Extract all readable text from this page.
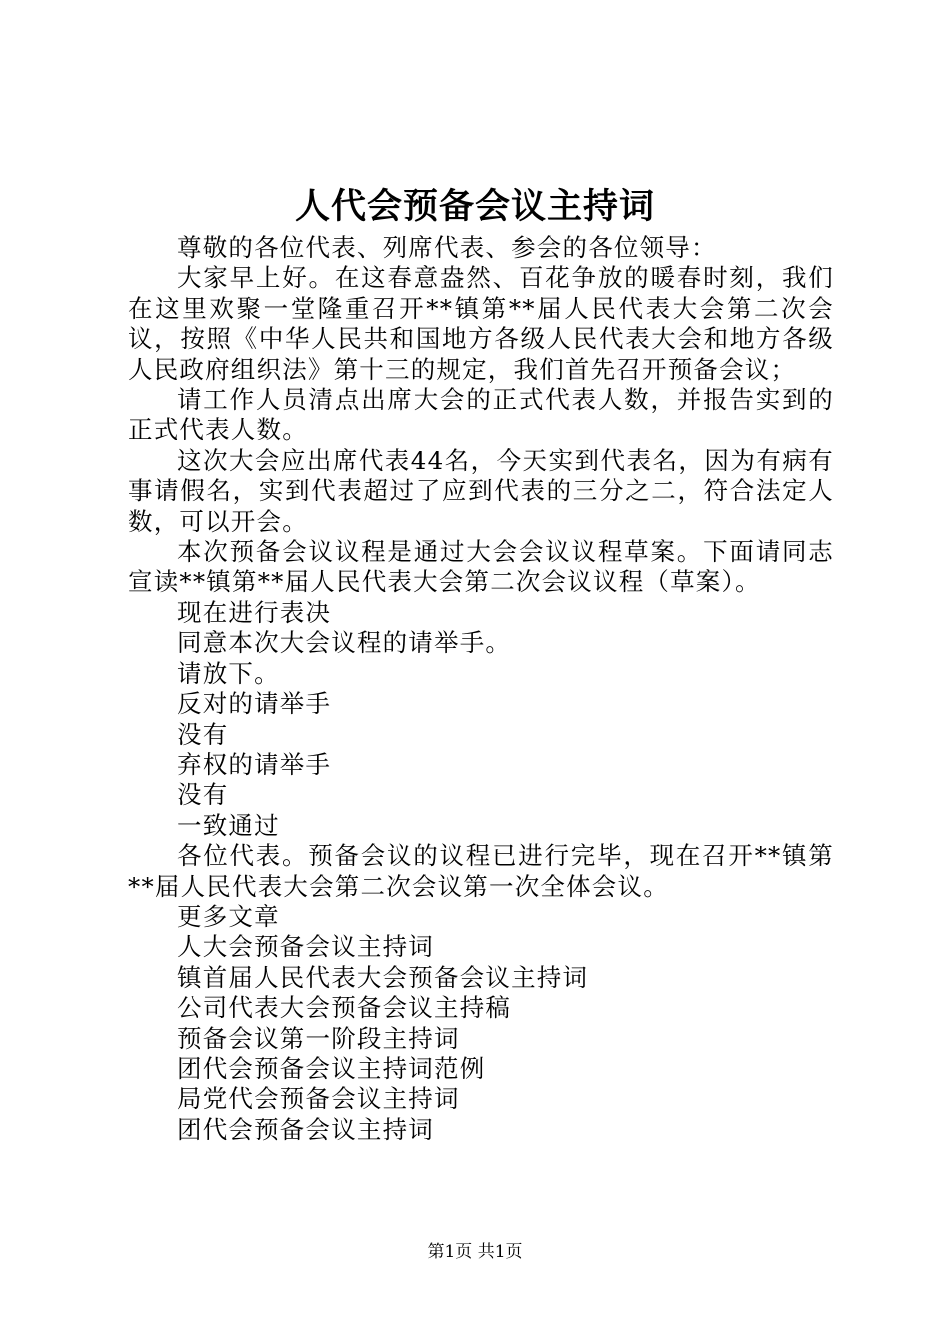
人代会预备会议主持词

尊敬的各位代表、列席代表、参会的各位领导：

大家早上好。在这春意盎然、百花争放的暖春时刻，我们在这里欢聚一堂隆重召开**镇第**届人民代表大会第二次会议，按照《中华人民共和国地方各级人民代表大会和地方各级人民政府组织法》第十三的规定，我们首先召开预备会议；

请工作人员清点出席大会的正式代表人数，并报告实到的正式代表人数。

这次大会应出席代表44名，今天实到代表名，因为有病有事请假名，实到代表超过了应到代表的三分之二，符合法定人数，可以开会。

本次预备会议议程是通过大会会议议程草案。下面请同志宣读**镇第**届人民代表大会第二次会议议程（草案）。

现在进行表决

同意本次大会议程的请举手。

请放下。

反对的请举手

没有

弃权的请举手

没有

一致通过

各位代表。预备会议的议程已进行完毕，现在召开**镇第**届人民代表大会第二次会议第一次全体会议。

更多文章

人大会预备会议主持词

镇首届人民代表大会预备会议主持词

公司代表大会预备会议主持稿

预备会议第一阶段主持词

团代会预备会议主持词范例

局党代会预备会议主持词

团代会预备会议主持词

第1页 共1页
